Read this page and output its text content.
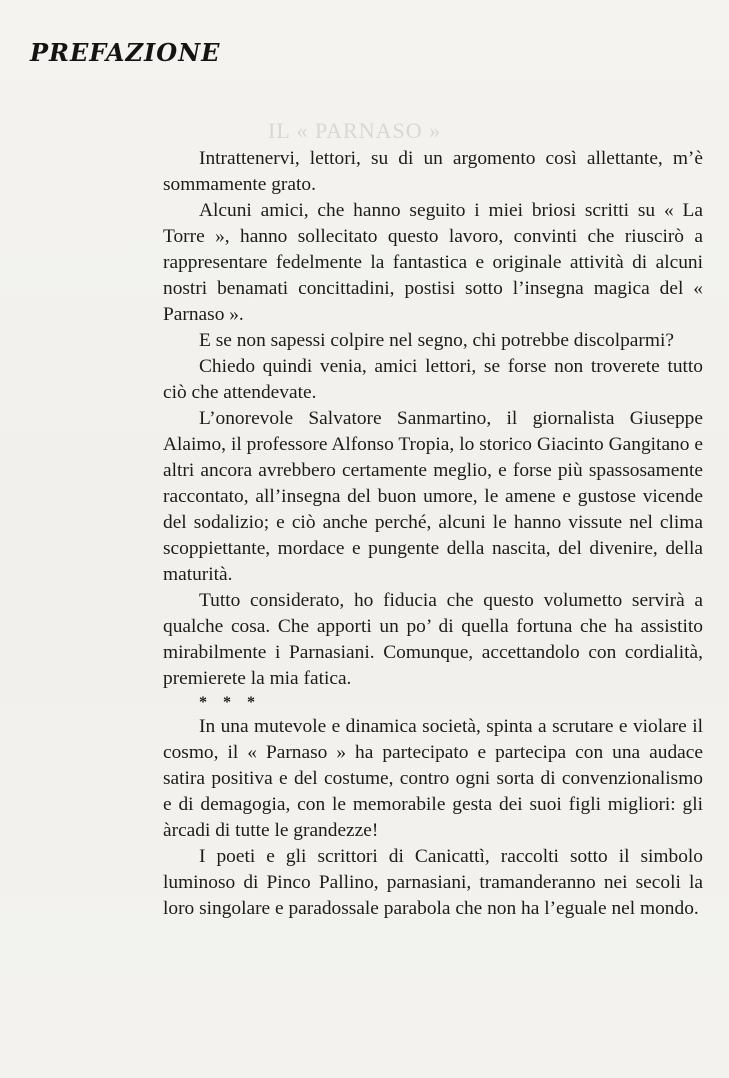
IL « PARNASO »
PREFAZIONE

Intrattenervi, lettori, su di un argomento così allettante, m’è sommamente grato.

Alcuni amici, che hanno seguito i miei briosi scritti su « La Torre », hanno sollecitato questo lavoro, convinti che riuscirò a rappresentare fedelmente la fantastica e originale attività di alcuni nostri benamati concittadini, postisi sotto l’insegna magica del « Parnaso ».

E se non sapessi colpire nel segno, chi potrebbe discolparmi?

Chiedo quindi venia, amici lettori, se forse non troverete tutto ciò che attendevate.

L’onorevole Salvatore Sanmartino, il giornalista Giuseppe Alaimo, il professore Alfonso Tropia, lo storico Giacinto Gangitano e altri ancora avrebbero certamente meglio, e forse più spassosamente raccontato, all’insegna del buon umore, le amene e gustose vicende del sodalizio; e ciò anche perché, alcuni le hanno vissute nel clima scoppiettante, mordace e pungente della nascita, del divenire, della maturità.

Tutto considerato, ho fiducia che questo volumetto servirà a qualche cosa. Che apporti un po’ di quella fortuna che ha assistito mirabilmente i Parnasiani. Comunque, accettandolo con cordialità, premierete la mia fatica.

* * *

In una mutevole e dinamica società, spinta a scrutare e violare il cosmo, il « Parnaso » ha partecipato e partecipa con una audace satira positiva e del costume, contro ogni sorta di convenzionalismo e di demagogia, con le memorabile gesta dei suoi figli migliori: gli àrcadi di tutte le grandezze!

I poeti e gli scrittori di Canicattì, raccolti sotto il simbolo luminoso di Pinco Pallino, parnasiani, tramanderanno nei secoli la loro singolare e paradossale parabola che non ha l’eguale nel mondo.
